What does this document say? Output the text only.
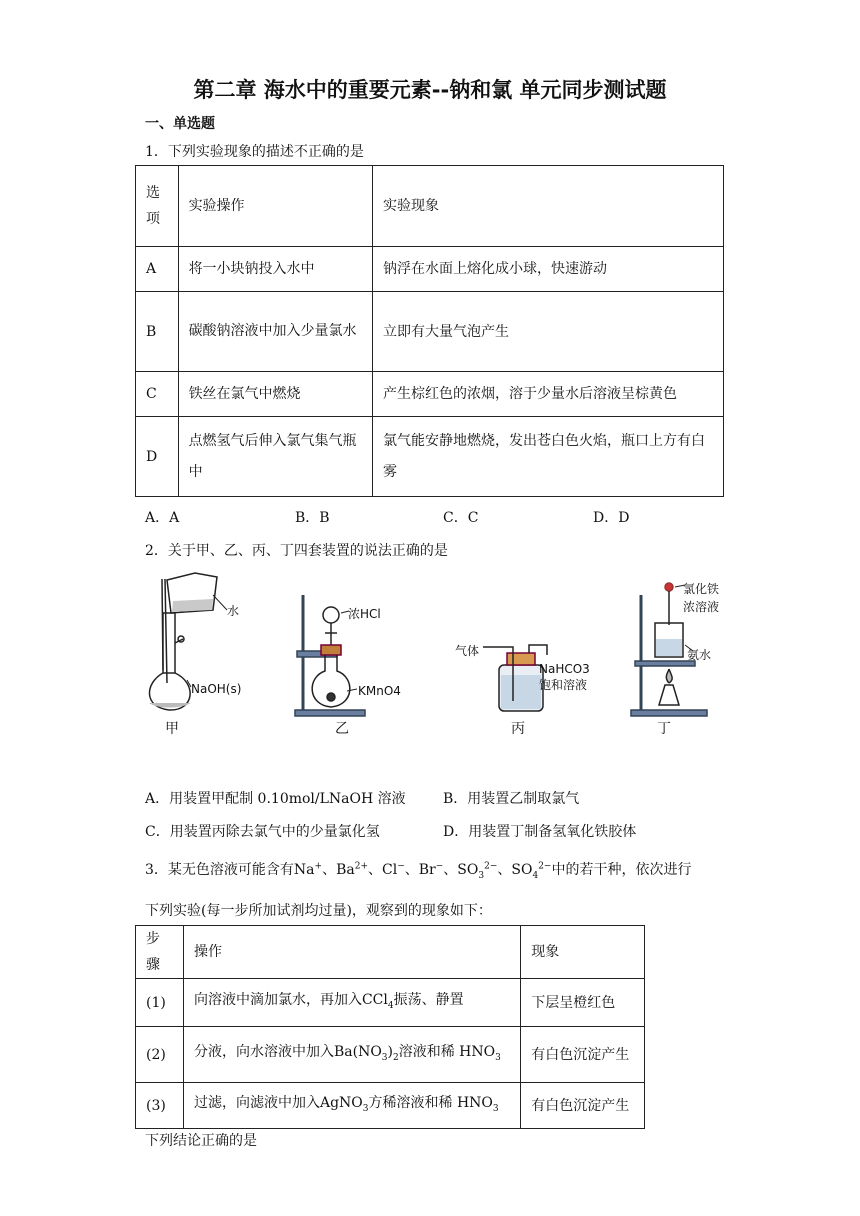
第二章 海水中的重要元素--钠和氯 单元同步测试题
一、单选题
1．下列实验现象的描述不正确的是
选项	实验操作	实验现象
A	将一小块钠投入水中	钠浮在水面上熔化成小球，快速游动
B	碳酸钠溶液中加入少量氯水	立即有大量气泡产生
C	铁丝在氯气中燃烧	产生棕红色的浓烟，溶于少量水后溶液呈棕黄色
D	点燃氢气后伸入氯气集气瓶中	氯气能安静地燃烧，发出苍白色火焰，瓶口上方有白雾
A．A	B．B	C．C	D．D
2．关于甲、乙、丙、丁四套装置的说法正确的是
水
NaOH(s)
甲
浓HCl
KMnO4
乙
气体
NaHCO3
饱和溶液
丙
氯化铁
浓溶液
氨水
丁
A．用装置甲配制 0.10mol/LNaOH 溶液	B．用装置乙制取氯气
C．用装置丙除去氯气中的少量氯化氢	D．用装置丁制备氢氧化铁胶体
3．某无色溶液可能含有Na+、$Ba^{2+}$、Cl−、Br−、$SO_3^{2-}$、$SO_4^{2-}$中的若干种，依次进行
下列实验(每一步所加试剂均过量)，观察到的现象如下：
步骤	操作	现象
(1)	向溶液中滴加氯水，再加入CCl$_4$振荡、静置	下层呈橙红色
(2)	分液，向水溶液中加入$Ba(NO_3)_2$溶液和稀 $HNO_3$	有白色沉淀产生
(3)	过滤，向滤液中加入AgNO$_3$方稀溶液和稀 $HNO_3$	有白色沉淀产生
下列结论正确的是
